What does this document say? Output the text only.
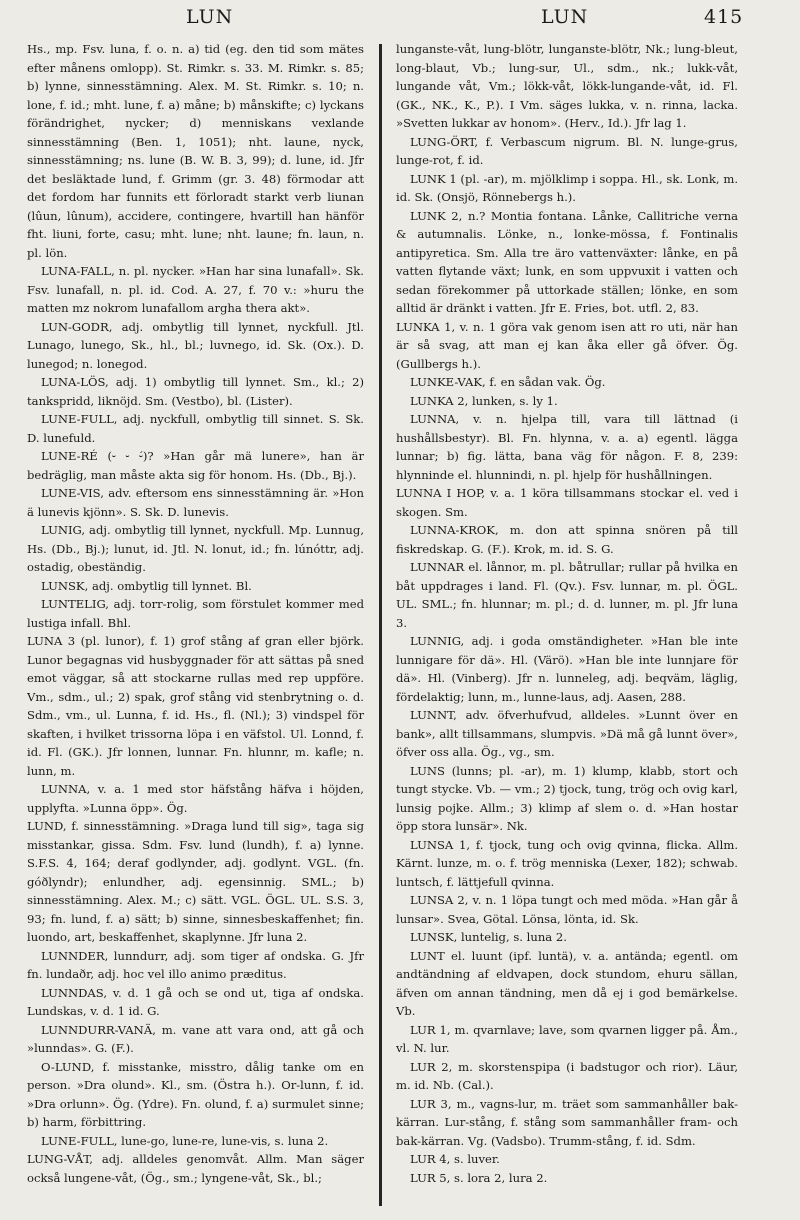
LUN	LUN	415

Hs., mp. Fsv. luna, f. o. n. a) tid (eg. den tid som mätes efter månens omlopp). St. Rimkr. s. 33. M. Rimkr. s. 85; b) lynne, sinnesstämning. Alex. M. St. Rimkr. s. 10; n. lone, f. id.; mht. lune, f. a) måne; b) månskifte; c) lyckans förändrighet, nycker; d) menniskans vexlande sinnesstämning (Ben. 1, 1051); nht. laune, nyck, sinnesstämning; ns. lune (B. W. B. 3, 99); d. lune, id. Jfr det besläktade lund, f. Grimm (gr. 3. 48) förmodar att det fordom har funnits ett förloradt starkt verb liunan (lûun, lûnum), accidere, contingere, hvartill han hänför fht. liuni, forte, casu; mht. lune; nht. laune; fn. laun, n. pl. lön.

LUNA-FALL, n. pl. nycker. »Han har sina lunafall». Sk. Fsv. lunafall, n. pl. id. Cod. A. 27, f. 70 v.: »huru the matten mz nokrom lunafallom argha thera akt».

LUN-GODR, adj. ombytlig till lynnet, nyckfull. Jtl. Lunago, lunego, Sk., hl., bl.; luvnego, id. Sk. (Ox.). D. lunegod; n. lonegod.

LUNA-LÖS, adj. 1) ombytlig till lynnet. Sm., kl.; 2) tankspridd, liknöjd. Sm. (Vestbo), bl. (Lister).

LUNE-FULL, adj. nyckfull, ombytlig till sinnet. S. Sk. D. lunefuld.

LUNE-RÉ (⏑ ⏑ ⏑́)? »Han går mä lunere», han är bedräglig, man måste akta sig för honom. Hs. (Db., Bj.).

LUNE-VIS, adv. eftersom ens sinnesstämning är. »Hon ä lunevis kjönn». S. Sk. D. lunevis.

LUNIG, adj. ombytlig till lynnet, nyckfull. Mp. Lunnug, Hs. (Db., Bj.); lunut, id. Jtl. N. lonut, id.; fn. lúnóttr, adj. ostadig, obeständig.

LUNSK, adj. ombytlig till lynnet. Bl.

LUNTELIG, adj. torr-rolig, som förstulet kommer med lustiga infall. Bhl.

LUNA 3 (pl. lunor), f. 1) grof stång af gran eller björk. Lunor begagnas vid husbyggnader för att sättas på sned emot väggar, så att stockarne rullas med rep uppföre. Vm., sdm., ul.; 2) spak, grof stång vid stenbrytning o. d. Sdm., vm., ul. Lunna, f. id. Hs., fl. (Nl.); 3) vindspel för skaften, i hvilket trissorna löpa i en väfstol. Ul. Lonnd, f. id. Fl. (GK.). Jfr lonnen, lunnar. Fn. hlunnr, m. kafle; n. lunn, m.

LUNNA, v. a. 1 med stor häfstång häfva i höjden, upplyfta. »Lunna öpp». Ög.

LUND, f. sinnesstämning. »Draga lund till sig», taga sig misstankar, gissa. Sdm. Fsv. lund (lundh), f. a) lynne. S.F.S. 4, 164; deraf godlynder, adj. godlynt. VGL. (fn. góðlyndr); enlundher, adj. egensinnig. SML.; b) sinnesstämning. Alex. M.; c) sätt. VGL. ÖGL. UL. S.S. 3, 93; fn. lund, f. a) sätt; b) sinne, sinnesbeskaffenhet; fin. luondo, art, beskaffenhet, skaplynne. Jfr luna 2.

LUNNDER, lunndurr, adj. som tiger af ondska. G. Jfr fn. lundaðr, adj. hoc vel illo animo præditus.

LUNNDAS, v. d. 1 gå och se ond ut, tiga af ondska. Lundskas, v. d. 1 id. G.

LUNNDURR-VANÄ, m. vane att vara ond, att gå och »lunndas». G. (F.).

O-LUND, f. misstanke, misstro, dålig tanke om en person. »Dra olund». Kl., sm. (Östra h.). Or-lunn, f. id. »Dra orlunn». Ög. (Ydre). Fn. olund, f. a) surmulet sinne; b) harm, förbittring.

LUNE-FULL, lune-go, lune-re, lune-vis, s. luna 2.

LUNG-VÅT, adj. alldeles genomvåt. Allm. Man säger också lungene-våt, (Ög., sm.; lyngene-våt, Sk., bl.;

lunganste-våt, lung-blötr, lunganste-blötr, Nk.; lung-bleut, long-blaut, Vb.; lung-sur, Ul., sdm., nk.; lukk-våt, lungande våt, Vm.; lökk-våt, lökk-lungande-våt, id. Fl. (GK., NK., K., P.). I Vm. säges lukka, v. n. rinna, lacka. »Svetten lukkar av honom». (Herv., Id.). Jfr lag 1.

LUNG-ÖRT, f. Verbascum nigrum. Bl. N. lunge-grus, lunge-rot, f. id.

LUNK 1 (pl. -ar), m. mjölklimp i soppa. Hl., sk. Lonk, m. id. Sk. (Onsjö, Rönnebergs h.).

LUNK 2, n.? Montia fontana. Lånke, Callitriche verna & autumnalis. Lönke, n., lonke-mössa, f. Fontinalis antipyretica. Sm. Alla tre äro vattenväxter: lånke, en på vatten flytande växt; lunk, en som uppvuxit i vatten och sedan förekommer på uttorkade ställen; lönke, en som alltid är dränkt i vatten. Jfr E. Fries, bot. utfl. 2, 83.

LUNKA 1, v. n. 1 göra vak genom isen att ro uti, när han är så svag, att man ej kan åka eller gå öfver. Ög. (Gullbergs h.).

LUNKE-VAK, f. en sådan vak. Ög.

LUNKA 2, lunken, s. ly 1.

LUNNA, v. n. hjelpa till, vara till lättnad (i hushållsbestyr). Bl. Fn. hlynna, v. a. a) egentl. lägga lunnar; b) fig. lätta, bana väg för någon. F. 8, 239: hlynninde el. hlunnindi, n. pl. hjelp för hushållningen.

LUNNA I HOP, v. a. 1 köra tillsammans stockar el. ved i skogen. Sm.

LUNNA-KROK, m. don att spinna snören på till fiskredskap. G. (F.). Krok, m. id. S. G.

LUNNAR el. lånnor, m. pl. båtrullar; rullar på hvilka en båt uppdrages i land. Fl. (Qv.). Fsv. lunnar, m. pl. ÖGL. UL. SML.; fn. hlunnar; m. pl.; d. d. lunner, m. pl. Jfr luna 3.

LUNNIG, adj. i goda omständigheter. »Han ble inte lunnigare för dä». Hl. (Värö). »Han ble inte lunnjare för dä». Hl. (Vinberg). Jfr n. lunneleg, adj. beqväm, läglig, fördelaktig; lunn, m., lunne-laus, adj. Aasen, 288.

LUNNT, adv. öfverhufvud, alldeles. »Lunnt över en bank», allt tillsammans, slumpvis. »Dä må gå lunnt över», öfver oss alla. Ög., vg., sm.

LUNS (lunns; pl. -ar), m. 1) klump, klabb, stort och tungt stycke. Vb. — vm.; 2) tjock, tung, trög och ovig karl, lunsig pojke. Allm.; 3) klimp af slem o. d. »Han hostar öpp stora lunsär». Nk.

LUNSA 1, f. tjock, tung och ovig qvinna, flicka. Allm. Kärnt. lunze, m. o. f. trög menniska (Lexer, 182); schwab. luntsch, f. lättjefull qvinna.

LUNSA 2, v. n. 1 löpa tungt och med möda. »Han går å lunsar». Svea, Götal. Lönsa, lönta, id. Sk.

LUNSK, luntelig, s. luna 2.

LUNT el. luunt (ipf. luntä), v. a. antända; egentl. om andtändning af eldvapen, dock stundom, ehuru sällan, äfven om annan tändning, men då ej i god bemärkelse. Vb.

LUR 1, m. qvarnlave; lave, som qvarnen ligger på. Åm., vl. N. lur.

LUR 2, m. skorstenspipa (i badstugor och rior). Läur, m. id. Nb. (Cal.).

LUR 3, m., vagns-lur, m. träet som sammanhåller bak-kärran. Lur-stång, f. stång som sammanhåller fram- och bak-kärran. Vg. (Vadsbo). Trumm-stång, f. id. Sdm.

LUR 4, s. luver.

LUR 5, s. lora 2, lura 2.
